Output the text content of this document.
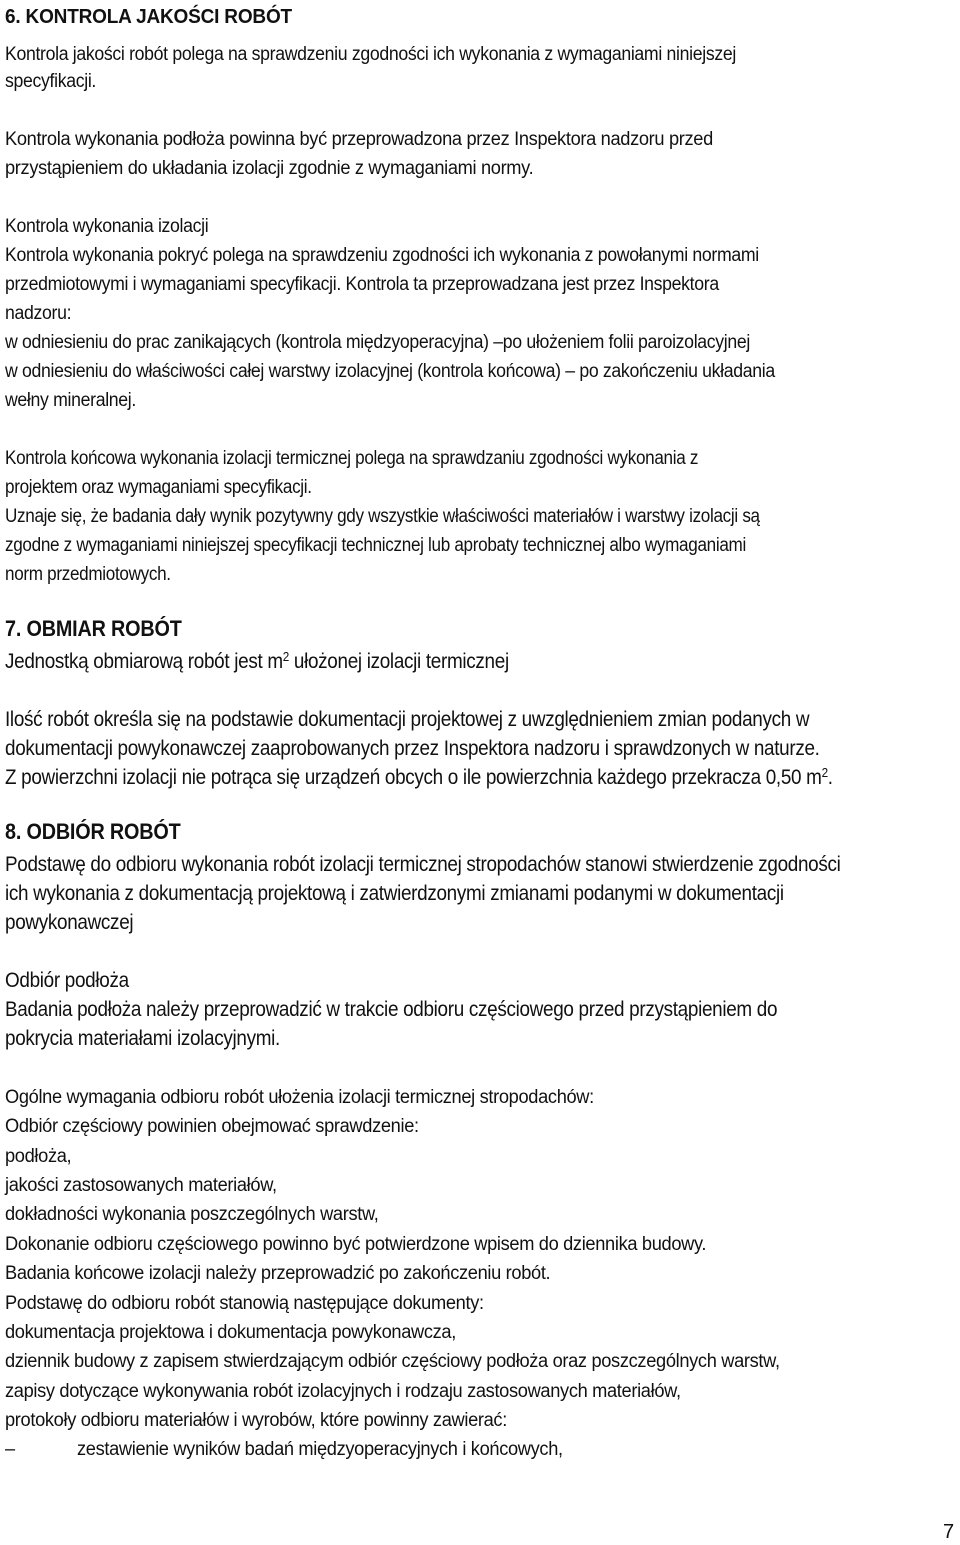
6. KONTROLA JAKOŚCI ROBÓT
Kontrola jakości robót polega na sprawdzeniu zgodności ich wykonania z wymaganiami niniejszej
specyfikacji.
Kontrola wykonania podłoża powinna być przeprowadzona przez Inspektora nadzoru przed
przystąpieniem do układania izolacji zgodnie z wymaganiami normy.
Kontrola wykonania izolacji
Kontrola wykonania pokryć polega na sprawdzeniu zgodności ich wykonania z powołanymi normami
przedmiotowymi i wymaganiami specyfikacji. Kontrola ta przeprowadzana jest przez Inspektora
nadzoru:
w odniesieniu do prac zanikających (kontrola międzyoperacyjna) –po ułożeniem folii paroizolacyjnej
w odniesieniu do właściwości całej warstwy izolacyjnej (kontrola końcowa) – po zakończeniu układania
wełny mineralnej.
Kontrola końcowa wykonania izolacji termicznej polega na sprawdzaniu zgodności wykonania z
projektem oraz wymaganiami specyfikacji.
Uznaje się, że badania dały wynik pozytywny gdy wszystkie właściwości materiałów i warstwy izolacji są
zgodne z wymaganiami niniejszej specyfikacji technicznej lub aprobaty technicznej albo wymaganiami
norm przedmiotowych.
7. OBMIAR ROBÓT
Jednostką obmiarową robót jest $m^2$ ułożonej izolacji termicznej
Ilość robót określa się na podstawie dokumentacji projektowej z uwzględnieniem zmian podanych w
dokumentacji powykonawczej zaaprobowanych przez Inspektora nadzoru i sprawdzonych w naturze.
Z powierzchni izolacji nie potrąca się urządzeń obcych o ile powierzchnia każdego przekracza 0,50 $m^2$.
8. ODBIÓR ROBÓT
Podstawę do odbioru wykonania robót izolacji termicznej stropodachów stanowi stwierdzenie zgodności
ich wykonania z dokumentacją projektową i zatwierdzonymi zmianami podanymi w dokumentacji
powykonawczej
Odbiór podłoża
Badania podłoża należy przeprowadzić w trakcie odbioru częściowego przed przystąpieniem do
pokrycia materiałami izolacyjnymi.
Ogólne wymagania odbioru robót ułożenia izolacji termicznej stropodachów:
Odbiór częściowy powinien obejmować sprawdzenie:
podłoża,
jakości zastosowanych materiałów,
dokładności wykonania poszczególnych warstw,
Dokonanie odbioru częściowego powinno być potwierdzone wpisem do dziennika budowy.
Badania końcowe izolacji należy przeprowadzić po zakończeniu robót.
Podstawę do odbioru robót stanowią następujące dokumenty:
dokumentacja projektowa i dokumentacja powykonawcza,
dziennik budowy z zapisem stwierdzającym odbiór częściowy podłoża oraz poszczególnych warstw,
zapisy dotyczące wykonywania robót izolacyjnych i rodzaju zastosowanych materiałów,
protokoły odbioru materiałów i wyrobów, które powinny zawierać:
–	zestawienie wyników badań międzyoperacyjnych i końcowych,
7
